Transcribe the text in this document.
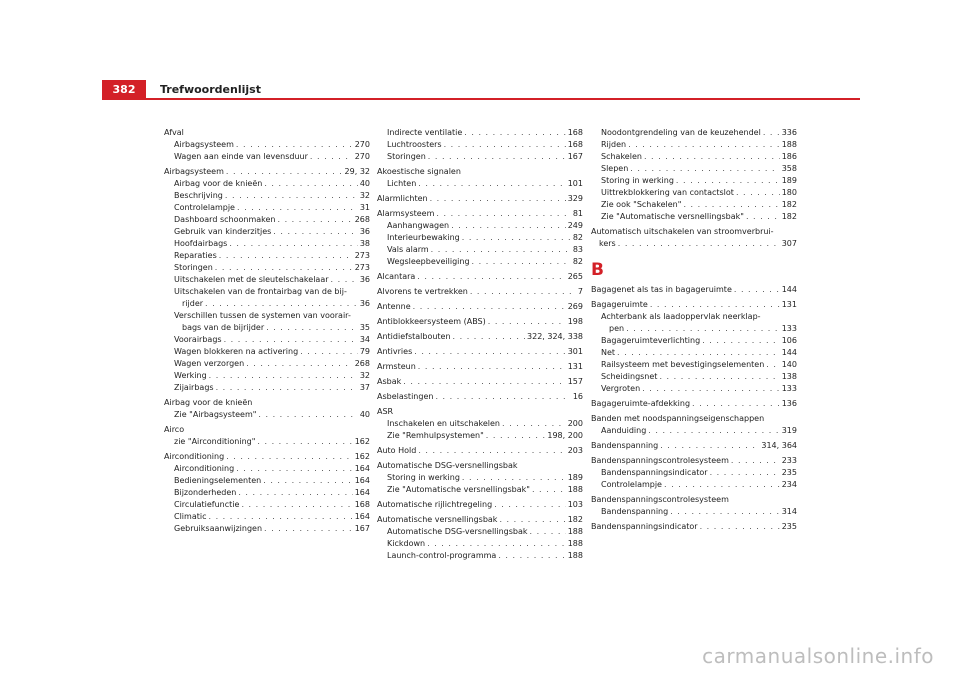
382	Trefwoordenlijst
Afval
Airbagsysteem . . .	270
Wagen aan einde van levensduur . . .	270
Airbagsysteem . . .	29, 32
Airbag voor de knieën . . .	40
Beschrijving . . .	32
Controlelampje . . .	31
Dashboard schoonmaken . . .	268
Gebruik van kinderzitjes . . .	36
Hoofdairbags . . .	38
Reparaties . . .	273
Storingen . . .	273
Uitschakelen met de sleutelschakelaar . . .	36
Uitschakelen van de frontairbag van de bij-
rijder . . .	36
Verschillen tussen de systemen van voorair-
bags van de bijrijder . . .	35
Voorairbags . . .	34
Wagen blokkeren na activering . . .	79
Wagen verzorgen . . .	268
Werking . . .	32
Zijairbags . . .	37
Airbag voor de knieën
Zie "Airbagsysteem" . . .	40
Airco
zie "Airconditioning" . . .	162
Airconditioning . . .	162
Airconditioning . . .	164
Bedieningselementen . . .	164
Bijzonderheden . . .	164
Circulatiefunctie . . .	168
Climatic . . .	164
Gebruiksaanwijzingen . . .	167
Indirecte ventilatie . . .	168
Luchtroosters . . .	168
Storingen . . .	167
Akoestische signalen
Lichten . . .	101
Alarmlichten . . .	329
Alarmsysteem . . .	81
Aanhangwagen . . .	249
Interieurbewaking . . .	82
Vals alarm . . .	83
Wegsleepbeveiliging . . .	82
Alcantara . . .	265
Alvorens te vertrekken . . .	7
Antenne . . .	269
Antiblokkeersysteem (ABS) . . .	198
Antidiefstalbouten . . .	322, 324, 338
Antivries . . .	301
Armsteun . . .	131
Asbak . . .	157
Asbelastingen . . .	16
ASR
Inschakelen en uitschakelen . . .	200
Zie "Remhulpsystemen" . . .	198, 200
Auto Hold . . .	203
Automatische DSG-versnellingsbak
Storing in werking . . .	189
Zie "Automatische versnellingsbak" . . .	188
Automatische rijlichtregeling . . .	103
Automatische versnellingsbak . . .	182
Automatische DSG-versnellingsbak . . .	188
Kickdown . . .	188
Launch-control-programma . . .	188
Noodontgrendeling van de keuzehendel . . .	336
Rijden . . .	188
Schakelen . . .	186
Slepen . . .	358
Storing in werking . . .	189
Uittrekblokkering van contactslot . . .	180
Zie ook "Schakelen" . . .	182
Zie "Automatische versnellingsbak" . . .	182
Automatisch uitschakelen van stroomverbrui-
kers . . .	307
B
Bagagenet als tas in bagageruimte . . .	144
Bagageruimte . . .	131
Achterbank als laadoppervlak neerklap-
pen . . .	133
Bagageruimteverlichting . . .	106
Net . . .	144
Railsysteem met bevestigingselementen . . . 140
Scheidingsnet . . .	138
Vergroten . . .	133
Bagageruimte-afdekking . . .	136
Banden met noodspanningseigenschappen
Aanduiding . . .	319
Bandenspanning . . .	314, 364
Bandenspanningscontrolesysteem . . .	233
Bandenspanningsindicator . . .	235
Controlelampje . . .	234
Bandenspanningscontrolesysteem
Bandenspanning . . .	314
Bandenspanningsindicator . . .	235
carmanualsonline.info
